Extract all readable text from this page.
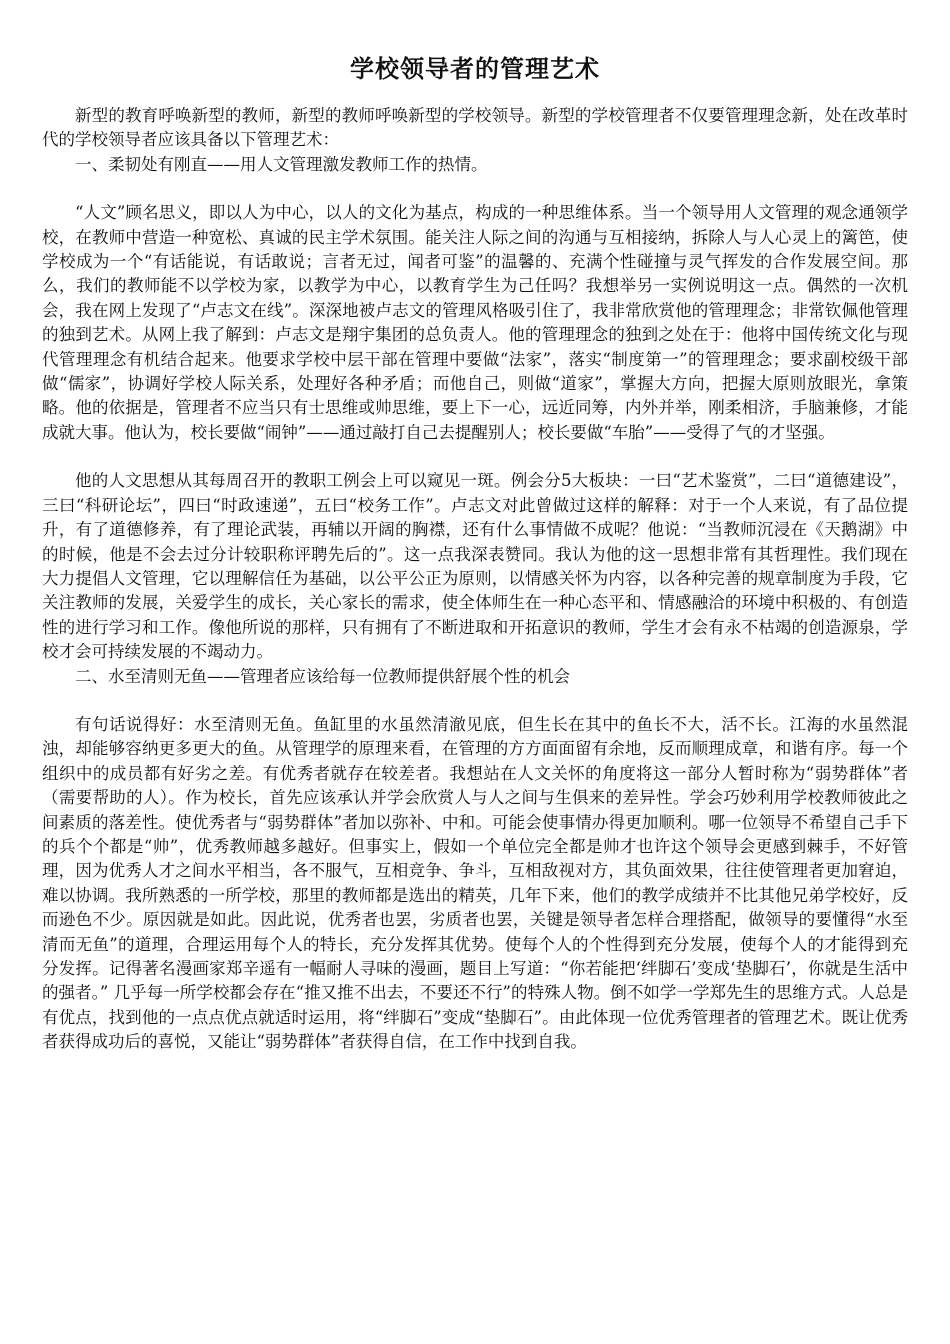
学校领导者的管理艺术

新型的教育呼唤新型的教师，新型的教师呼唤新型的学校领导。新型的学校管理者不仅要管理理念新，处在改革时代的学校领导者应该具备以下管理艺术：

一、柔韧处有刚直——用人文管理激发教师工作的热情。

“人文”顾名思义，即以人为中心，以人的文化为基点，构成的一种思维体系。当一个领导用人文管理的观念通领学校，在教师中营造一种宽松、真诚的民主学术氛围。能关注人际之间的沟通与互相接纳，拆除人与人心灵上的篱笆，使学校成为一个“有话能说，有话敢说；言者无过，闻者可鉴”的温馨的、充满个性碰撞与灵气挥发的合作发展空间。那么，我们的教师能不以学校为家，以教学为中心，以教育学生为己任吗？我想举另一实例说明这一点。偶然的一次机会，我在网上发现了“卢志文在线”。深深地被卢志文的管理风格吸引住了，我非常欣赏他的管理理念；非常钦佩他管理的独到艺术。从网上我了解到：卢志文是翔宇集团的总负责人。他的管理理念的独到之处在于：他将中国传统文化与现代管理理念有机结合起来。他要求学校中层干部在管理中要做“法家”，落实“制度第一”的管理理念；要求副校级干部做“儒家”，协调好学校人际关系，处理好各种矛盾；而他自己，则做“道家”，掌握大方向，把握大原则放眼光，拿策略。他的依据是，管理者不应当只有士思维或帅思维，要上下一心，远近同筹，内外并举，刚柔相济，手脑兼修，才能成就大事。他认为，校长要做“闹钟”——通过敲打自己去提醒别人；校长要做“车胎”——受得了气的才坚强。

他的人文思想从其每周召开的教职工例会上可以窥见一斑。例会分5大板块：一曰“艺术鉴赏”，二曰“道德建设”，三曰“科研论坛”，四曰“时政速递”，五曰“校务工作”。卢志文对此曾做过这样的解释：对于一个人来说，有了品位提升，有了道德修养，有了理论武装，再辅以开阔的胸襟，还有什么事情做不成呢？他说：“当教师沉浸在《天鹅湖》中的时候，他是不会去过分计较职称评聘先后的”。这一点我深表赞同。我认为他的这一思想非常有其哲理性。我们现在大力提倡人文管理，它以理解信任为基础，以公平公正为原则，以情感关怀为内容，以各种完善的规章制度为手段，它关注教师的发展，关爱学生的成长，关心家长的需求，使全体师生在一种心态平和、情感融洽的环境中积极的、有创造性的进行学习和工作。像他所说的那样，只有拥有了不断进取和开拓意识的教师，学生才会有永不枯竭的创造源泉，学校才会可持续发展的不竭动力。

二、水至清则无鱼——管理者应该给每一位教师提供舒展个性的机会

有句话说得好：水至清则无鱼。鱼缸里的水虽然清澈见底，但生长在其中的鱼长不大，活不长。江海的水虽然混浊，却能够容纳更多更大的鱼。从管理学的原理来看，在管理的方方面面留有余地，反而顺理成章，和谐有序。每一个组织中的成员都有好劣之差。有优秀者就存在较差者。我想站在人文关怀的角度将这一部分人暂时称为“弱势群体”者（需要帮助的人）。作为校长，首先应该承认并学会欣赏人与人之间与生俱来的差异性。学会巧妙利用学校教师彼此之间素质的落差性。使优秀者与“弱势群体”者加以弥补、中和。可能会使事情办得更加顺利。哪一位领导不希望自己手下的兵个个都是“帅”，优秀教师越多越好。但事实上，假如一个单位完全都是帅才也许这个领导会更感到棘手，不好管理，因为优秀人才之间水平相当，各不服气，互相竞争、争斗，互相敌视对方，其负面效果，往往使管理者更加窘迫，难以协调。我所熟悉的一所学校，那里的教师都是选出的精英，几年下来，他们的教学成绩并不比其他兄弟学校好，反而逊色不少。原因就是如此。因此说，优秀者也罢，劣质者也罢，关键是领导者怎样合理搭配，做领导的要懂得“水至清而无鱼”的道理，合理运用每个人的特长，充分发挥其优势。使每个人的个性得到充分发展，使每个人的才能得到充分发挥。记得著名漫画家郑辛遥有一幅耐人寻味的漫画，题目上写道：“你若能把‘绊脚石’变成‘垫脚石’，你就是生活中的强者。” 几乎每一所学校都会存在“推又推不出去，不要还不行”的特殊人物。倒不如学一学郑先生的思维方式。人总是有优点，找到他的一点点优点就适时运用，将“绊脚石”变成“垫脚石”。由此体现一位优秀管理者的管理艺术。既让优秀者获得成功后的喜悦，又能让“弱势群体”者获得自信，在工作中找到自我。
